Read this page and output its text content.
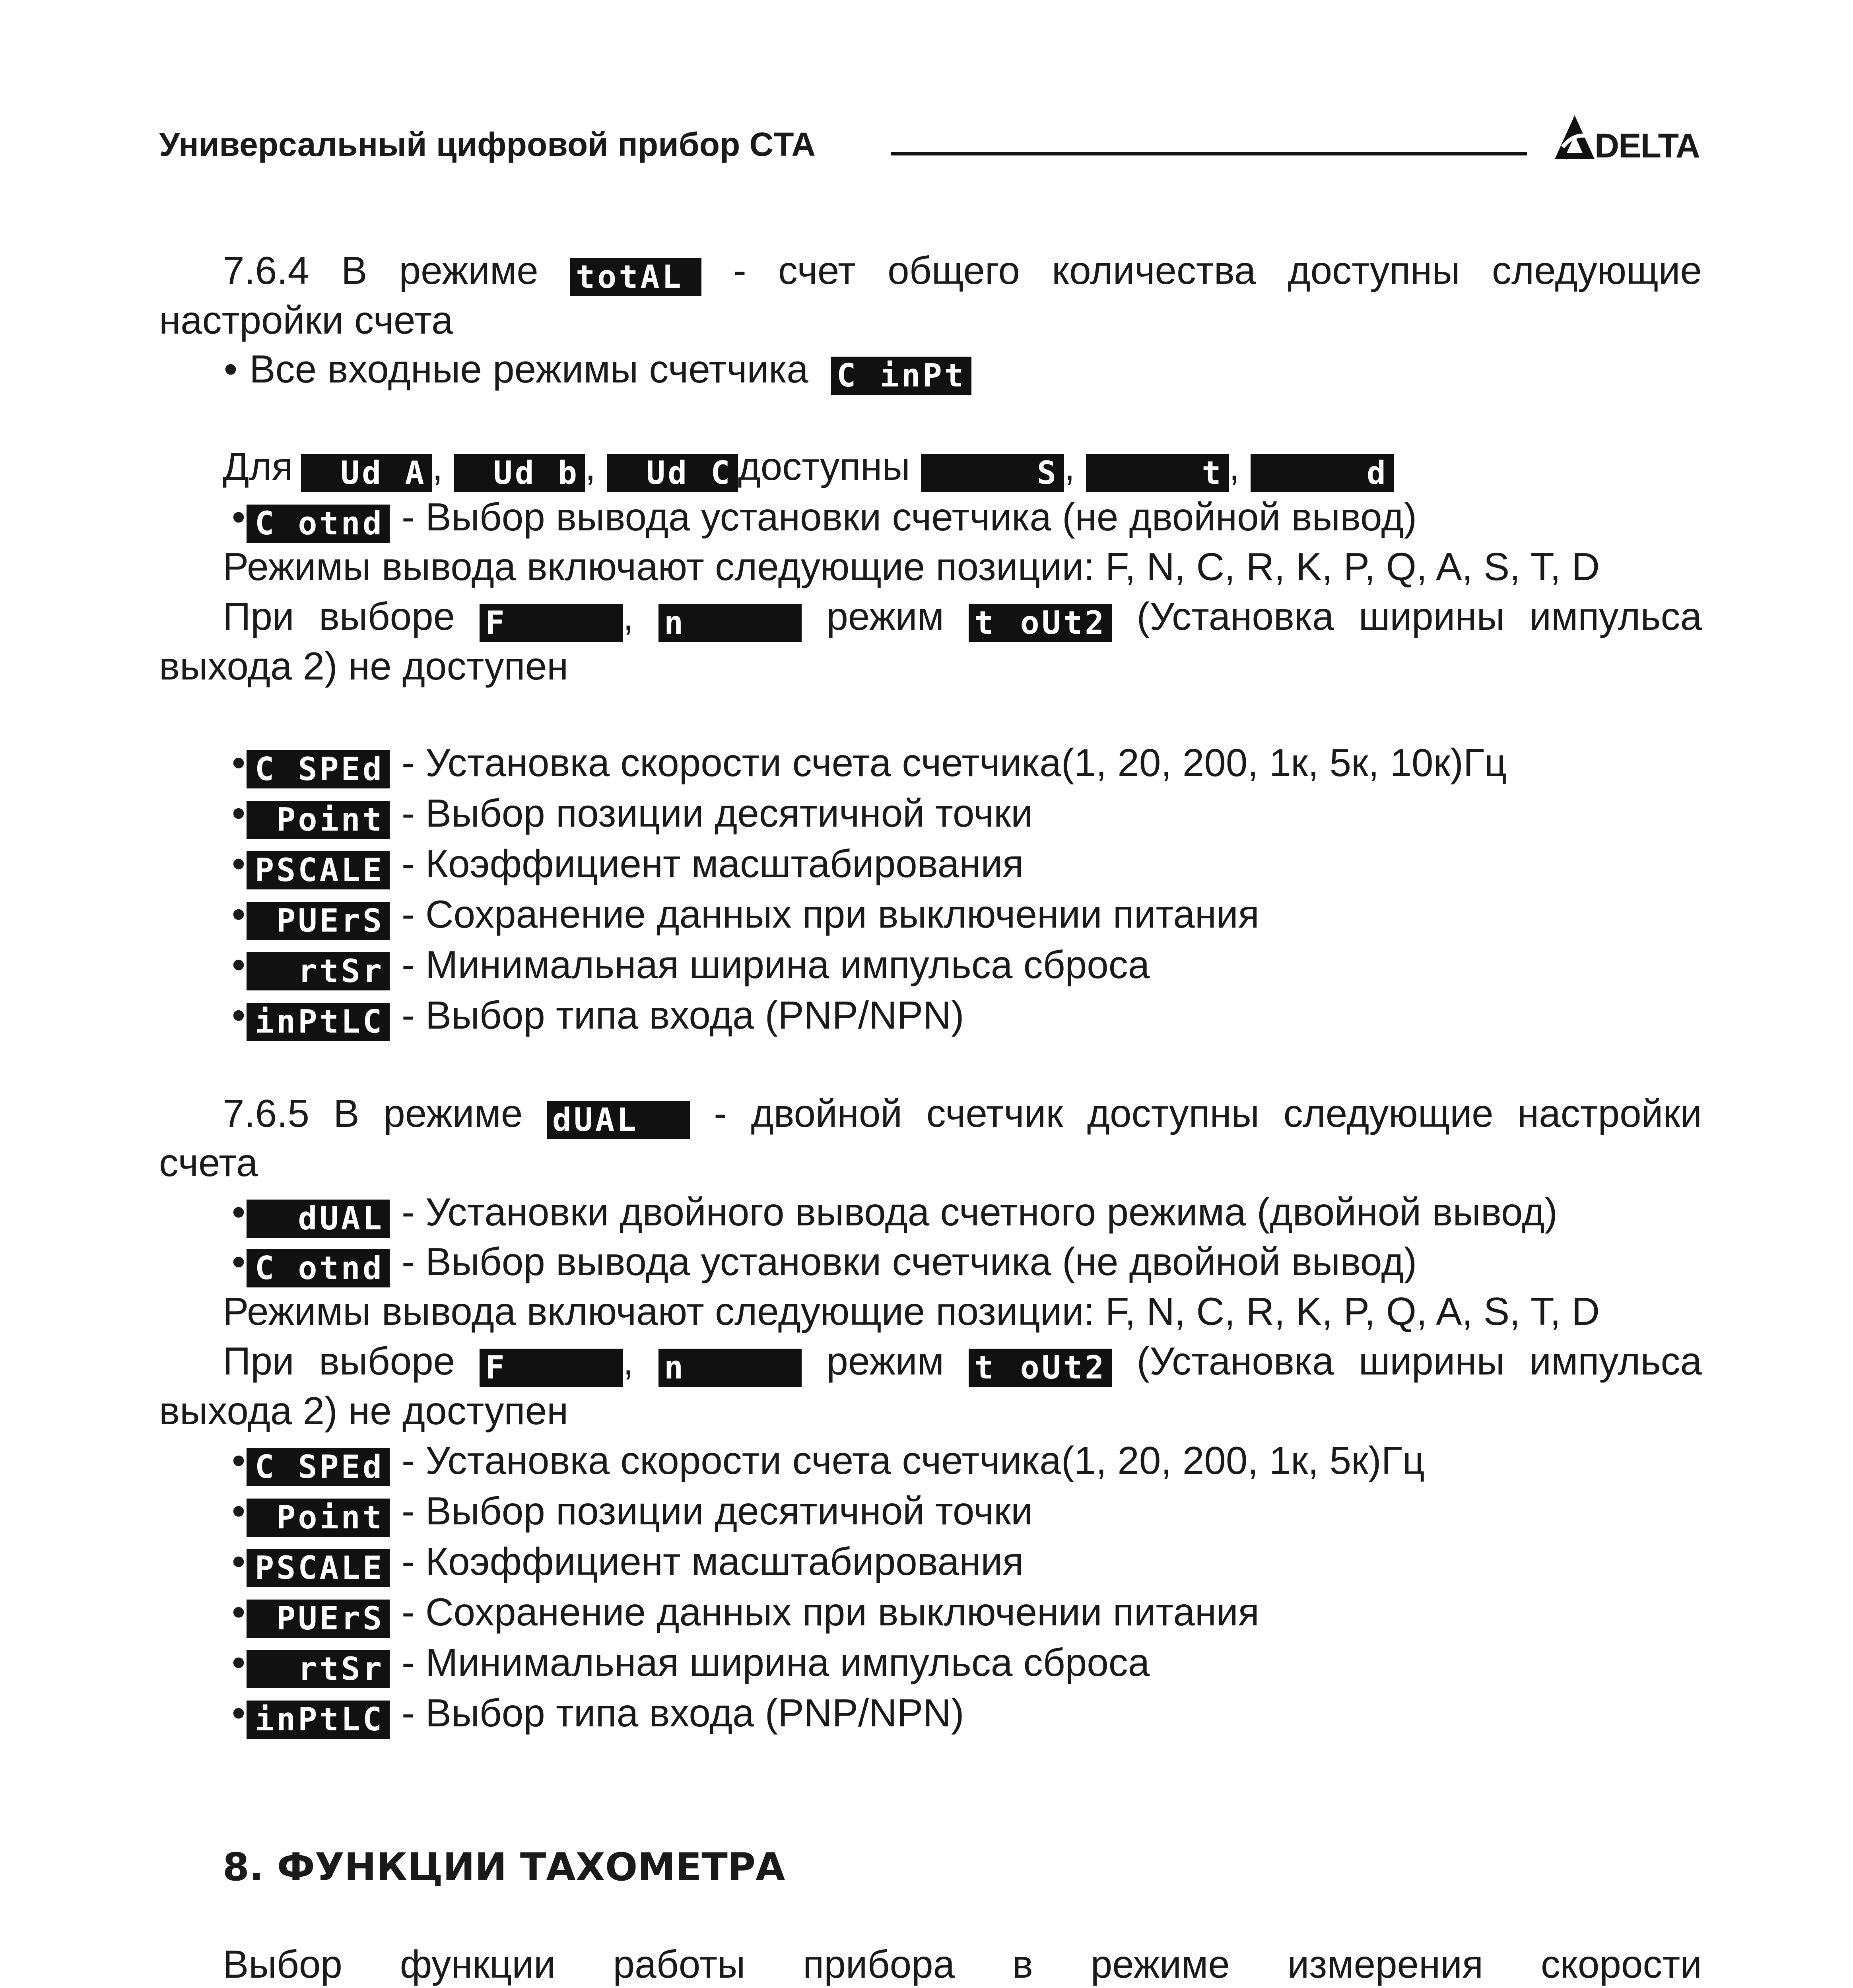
Универсальный цифровой прибор CTA	DELTA
7.6.4 В режиме totAL - счет общего количества доступны следующие
настройки счета
• Все входные режимы счетчика C inPt
Для Ud A , Ud b , Ud C доступны	S ,	t ,	d
• C otnd - Выбор вывода установки счетчика (не двойной вывод)
Режимы вывода включают следующие позиции: F, N, C, R, K, P, Q, A, S, T, D
При выборе F	, n	режим t oUt2 (Установка ширины импульса
выхода 2) не доступен
• C SPEd - Установка скорости счета счетчика(1, 20, 200, 1к, 5к, 10к)Гц
• Point - Выбор позиции десятичной точки
• PSCALE - Коэффициент масштабирования
• PUErS - Сохранение данных при выключении питания
• rtSr - Минимальная ширина импульса сброса
• inPtLC - Выбор типа входа (PNP/NPN)
7.6.5 В режиме dUAL - двойной счетчик доступны следующие настройки
счета
• dUAL - Установки двойного вывода счетного режима (двойной вывод)
• C otnd - Выбор вывода установки счетчика (не двойной вывод)
Режимы вывода включают следующие позиции: F, N, C, R, K, P, Q, A, S, T, D
При выборе F	, n	режим t oUt2 (Установка ширины импульса
выхода 2) не доступен
• C SPEd - Установка скорости счета счетчика(1, 20, 200, 1к, 5к)Гц
• Point - Выбор позиции десятичной точки
• PSCALE - Коэффициент масштабирования
• PUErS - Сохранение данных при выключении питания
• rtSr - Минимальная ширина импульса сброса
• inPtLC - Выбор типа входа (PNP/NPN)
8. ФУНКЦИИ ТАХОМЕТРА
Выбор функции работы прибора в режиме измерения скорости
